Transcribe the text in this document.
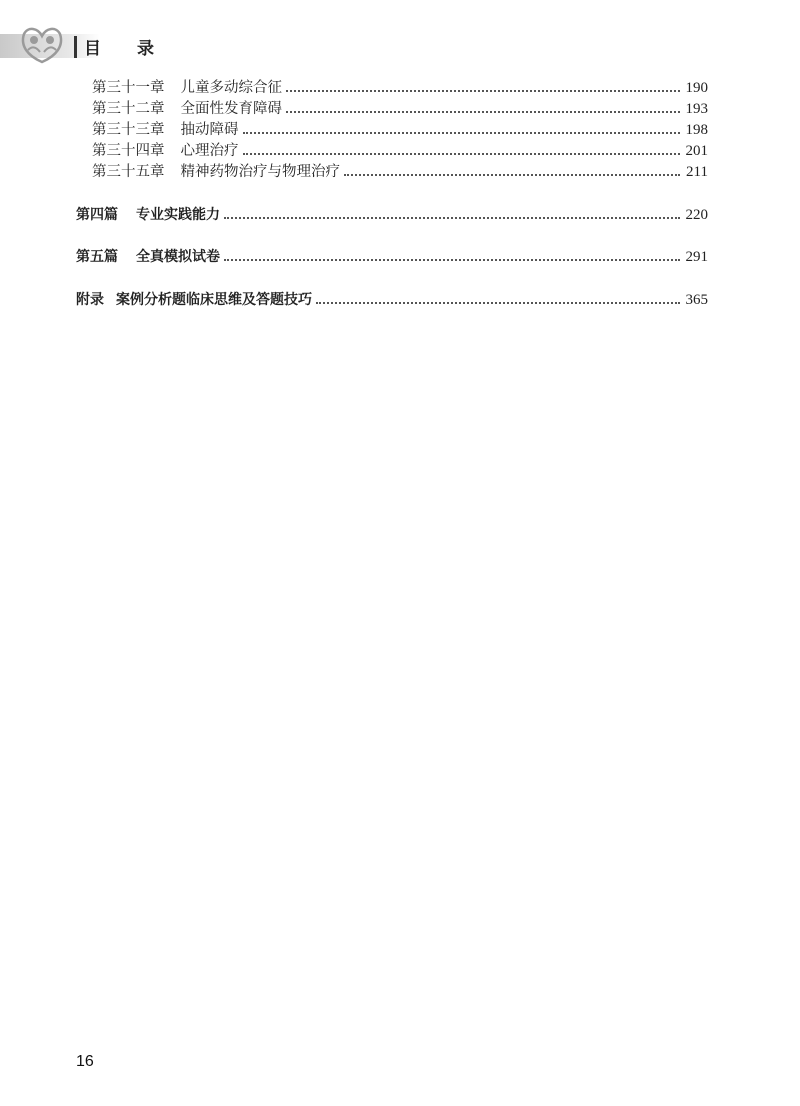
目录
第三十一章 儿童多动综合征	190
第三十二章 全面性发育障碍	193
第三十三章 抽动障碍	198
第三十四章 心理治疗	201
第三十五章 精神药物治疗与物理治疗	211
第四篇 专业实践能力	220
第五篇 全真模拟试卷	291
附录 案例分析题临床思维及答题技巧	365
16
